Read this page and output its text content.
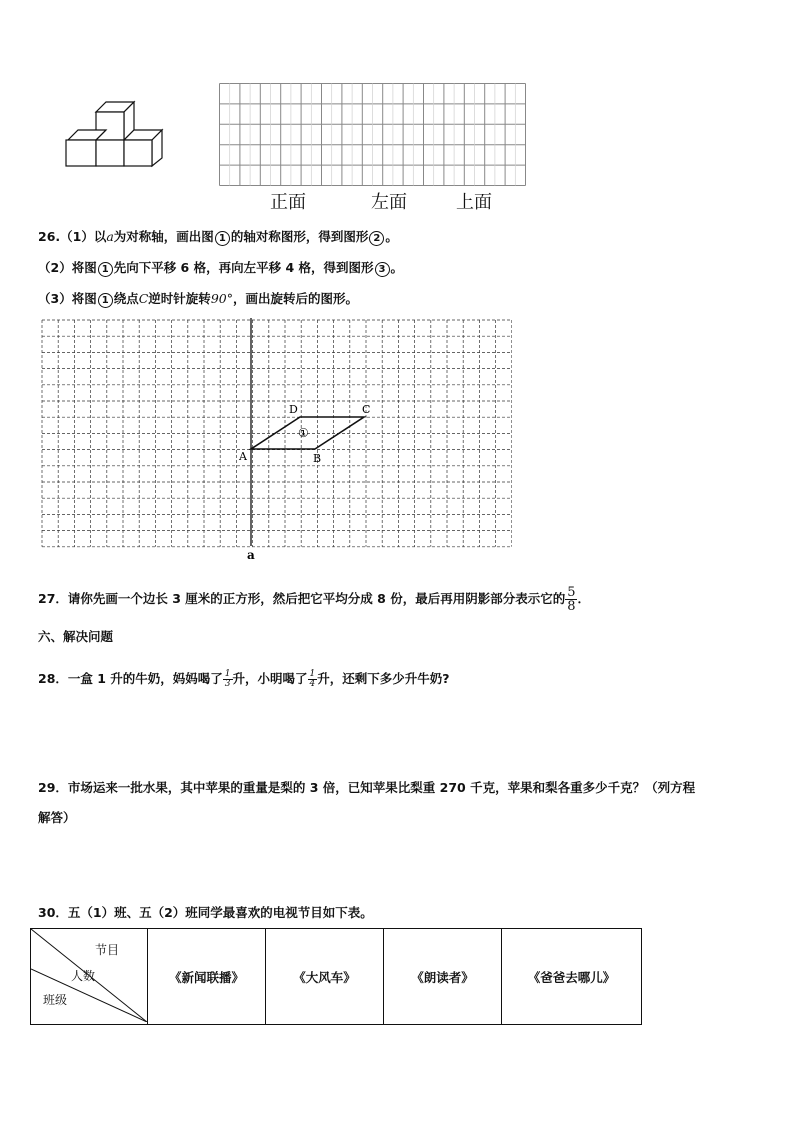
正面	左面	上面
26.（1）以a为对称轴，画出图 1 的轴对称图形，得到图形 2 。
（2）将图 1 先向下平移 6 格，再向左平移 4 格，得到图形 3 。
（3）将图 1 绕点C逆时针旋转90°，画出旋转后的图形。
A	B
C
D
①
a
27．请你先画一个边长 3 厘米的正方形，然后把它平均分成 8 份，最后再用阴影部分表示它的 $\frac{5}{8}$ ．
六、解决问题
28．一盒 1 升的牛奶，妈妈喝了 $\frac{1}{3}$ 升，小明喝了 $\frac{1}{4}$ 升，还剩下多少升牛奶?
29．市场运来一批水果，其中苹果的重量是梨的 3 倍，已知苹果比梨重 270 千克，苹果和梨各重多少千克？（列方程
解答）
30．五（1）班、五（2）班同学最喜欢的电视节目如下表。
节目
人数
班级
	《新闻联播》	《大风车》	《朗读者》	《爸爸去哪儿》
